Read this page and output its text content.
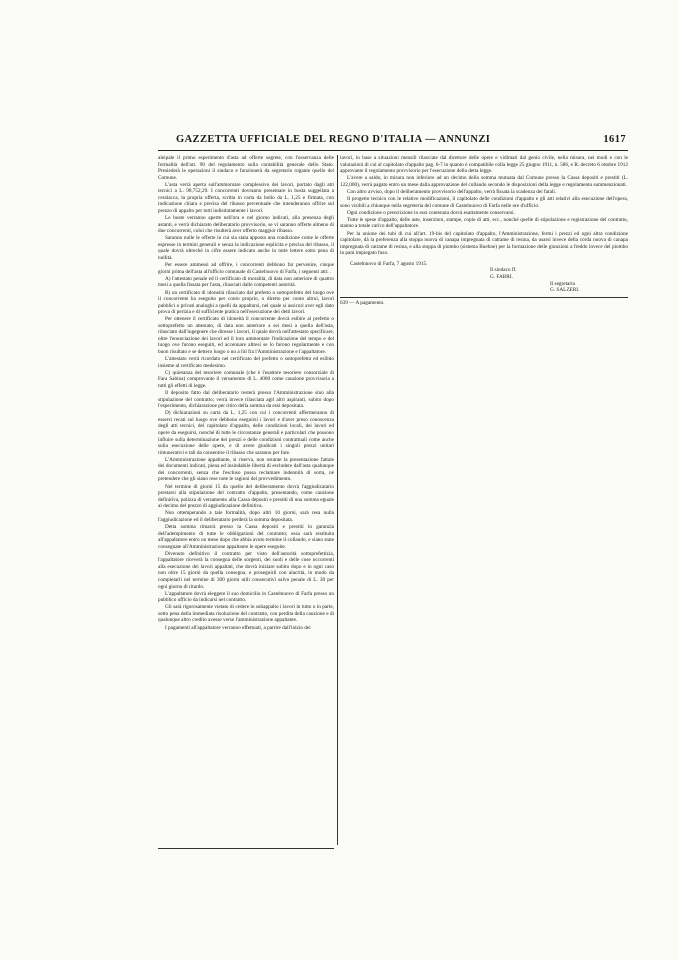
GAZZETTA UFFICIALE DEL REGNO D'ITALIA — ANNUNZI	1617

aleipale il primo esperimento d'asta ad offerte segrete, con l'osservanza delle formalità dell'art. 90 del regolamento sulla contabilità generale dello Stato. Presiederà le operazioni il sindaco e funzionerà da segretario rogante quello del Comune.

L'asta verrà aperta sull'ammontare complessivo dei lavori, portato dagli atti tecnici a L. 98,752,29. I concorrenti dovranno presentare in busta suggellata a ceralacca, la propria offerta, scritta in carta da bollo da L. 1,25 e firmata, con indicazione chiara e precisa del ribasso percentuale che intenderanno offrire sul prezzo di appalto per tutti indistintamente i lavori.

Le buste verranno aperte nell'ora e nel giorno indicati, alla presenza degli astanti, e verrà dichiarato deliberatario provvisorio, se vi saranno offerte almeno di due concorrenti, colui che risulterà aver offerto maggior ribasso.

Saranno nulle le offerte in cui sia stata apposta una condizione come le offerte espresse in termini generali e senza la indicazione esplicita e precisa del ribasso, il quale dovrà oltreché in cifre essere indicato anche in tutte lettere sotto pena di nullità.

Per essere ammessi ad offrire, i concorrenti debbono far pervenire, cinque giorni prima dell'asta all'ufficio comunale di Castelnuovo di Farfa, i seguenti atti: .

A) l'attestato penale ed il certificato di moralità, di data non anteriore di quattro mesi a quella fissata per l'asta, rilasciati dalle competenti autorità.

B) un certificato di idoneità rilasciato dal prefetto o sottoprefetto del luogo ove il concorrente ha eseguito per conto proprio, o diretto per conto altrui, lavori pubblici o privati analoghi a quelli da appaltarsi, nel quale si assicuri aver egli dato prova di perizia e di sufficiente pratica nell'esecuzione dei detti lavori.

Per ottenere il certificato di idoneità il concorrente dovrà esibire al prefetto o sottoprefetto un attestato, di data non anteriore a sei mesi a quella dell'asta, rilasciato dall'ingegnere che diresse i lavori, il quale dovrà nell'attestato specificare, oltre l'enunciazione dei lavori ed il loro ammontare l'indicazione del tempo e del luogo ove furono eseguiti, ed accennare altresì se lo furono regolarmente e con buon risultato e se dettero luogo o no a liti fra l'Amministrazione e l'appaltatore.

L'attestato verrà ricordato nel certificato del prefetto o sottoprefetto ed esibito insieme al certificato medesimo.

C) quietanza del tesoriere comunale (che è l'esattore tesoriere consorziale di Fara Sabina) comprovante il versamento di L. 4000 come cauzione provvisoria a tutti gli effetti di legge.

Il deposito fatto dal deliberatario resterà presso l'Amministrazione sino alla stipulazione del contratto; verrà invece rilasciata agli altri aspiranti, subito dopo l'esperimento, dichiarazione per ritiro della somma da essi depositata.

D) dichiarazioni su carta da L. 1,25 con cui i concorrenti affermeranno di essersi recati sul luogo ove debbono eseguirsi i lavori e d'aver preso conoscenza degli atti tecnici, del capitolato d'appalto, delle condizioni locali, dei lavori ed opere da eseguirsi, nonché di tutte le circostanze generali e particolari che possono influire sulla determinazione dei prezzi e delle condizioni contrattuali come anche sulla esecuzione delle opere, e di avere giudicati i singoli prezzi unitari rimunerativi e tali da consentire il ribasso che saranno per fare.

L'Amministrazione appaltante, si riserva, non ostante la presentazione fattale dei documenti indicati, piena ed insindabile libertà di escludere dall'asta qualunque dei concorrenti, senza che l'escluso possa reclamare indennità di sorta, nè pretendere che gli siano rese note le ragioni del provvedimento.

Nel termine di giorni 15 da quello del deliberamento dovrà l'aggiudicatario prestarsi alla stipulazione del contratto d'appalto, presentando, come cauzione definitiva, polizza di versamento alla Cassa depositi e prestiti di una somma eguale al decimo del prezzo di aggiudicazione definitiva.

Non ottemperando a tale formalità, dopo altri 10 giorni, sarà resa nulla l'aggiudicazione ed il deliberatario perderà la somma depositata.

Detta somma rimarrà presso la Cassa depositi e prestiti in garanzia dell'adempimento di tutte le obbligazioni del contratto; essa sarà restituita all'appaltatore entro un mese dopo che abbia avuto termine il collaudo, e siano state consegnate all'Amministrazione appaltante le opere eseguite.

Divenuto definitivo il contratto per visto dell'autorità sottoprefettizia, l'appaltatore riceverà la consegna delle sorgenti, dei suoli e delle cose occorrenti alla esecuzione dei lavori appaltati, che dovrà iniziare subito dopo e in ogni caso non oltre 15 giorni da quella consegna, e proseguirli con alacrità, in modo da completarli nel termine di 300 giorni utili consecutivi salvo penale di L. 30 per ogni giorno di ritardo.

L'appaltatore dovrà eleggere il suo domicilio in Castelnuovo di Farfa presso un pubblico ufficio da indicarsi nel contratto.

Gli sarà rigorosamente vietato di cedere in subappalto i lavori in tutto o in parte, sotto pena della immediata risoluzione del contratto, con perdita della cauzione e di qualunque altro credito avesse verso l'amministrazione appaltante.

I pagamenti all'appaltatore verranno effettuati, a partire dall'inizio dei

lavori, in base a situazioni mensili rilasciate dal direttore delle opere e vidimati dal genio civile, nella misura, nei modi e con le valutazioni di cui al capitolato d'appalto pag. 6-7 in quanto è compatibile colla legge 25 giugno 1911, n. 586, e R. decreto 6 ottobre 1912 approvante il regolamento provvisorio per l'esecuzione della detta legge.

L'avere a saldo, in misura non inferiore ad un decimo della somma mutuata dal Comune presso la Cassa depositi e prestiti (L. 122,000), verrà pagato entro un mese dalla approvazione del collaudo secondo le disposizioni della legge e regolamento summenzionati.

Con altro avviso, dopo il deliberamento provvisorio dell'appalto, verrà fissata la scadenza dei fatali.

Il progetto tecnico con le relative modificazioni, il capitolato delle condizioni d'appalto e gli atti relativi alla esecuzione dell'opera, sono visibili a chiunque nella segreteria del comune di Castelnuovo di Farfa nelle ore d'ufficio.

Ogni condizione o prescrizione in essi contenuta dovrà esattamente conservarsi.

Tutte le spese d'appalto, delle aste, inserzioni, stampe, copie di atti, ecc., nonché quelle di stipulazione e registrazione del contratto, stanno a totale carico dell'appaltatore.

Per la unione dei tubi di cui all'art. 19-bis del capitolato d'appalto, l'Amministrazione, fermi i prezzi ed ogni altra condizione capitolare, dà la preferenza alla stoppa nuova di canapa impregnata di catrame di resina, da usarsi invece della corda nuova di canapa impregnata di catrame di resina, e alla stoppa di piombo (sistema Buehne) per la formazione delle giunzioni a freddo invece del piombo in pani impiegato fuso.

Castelnuovo di Farfa, 7 agosto 1915.
Il sindaco ff.
G. FABRI.
Il segretario
G. SALZERI.
639 — A pagamento.
